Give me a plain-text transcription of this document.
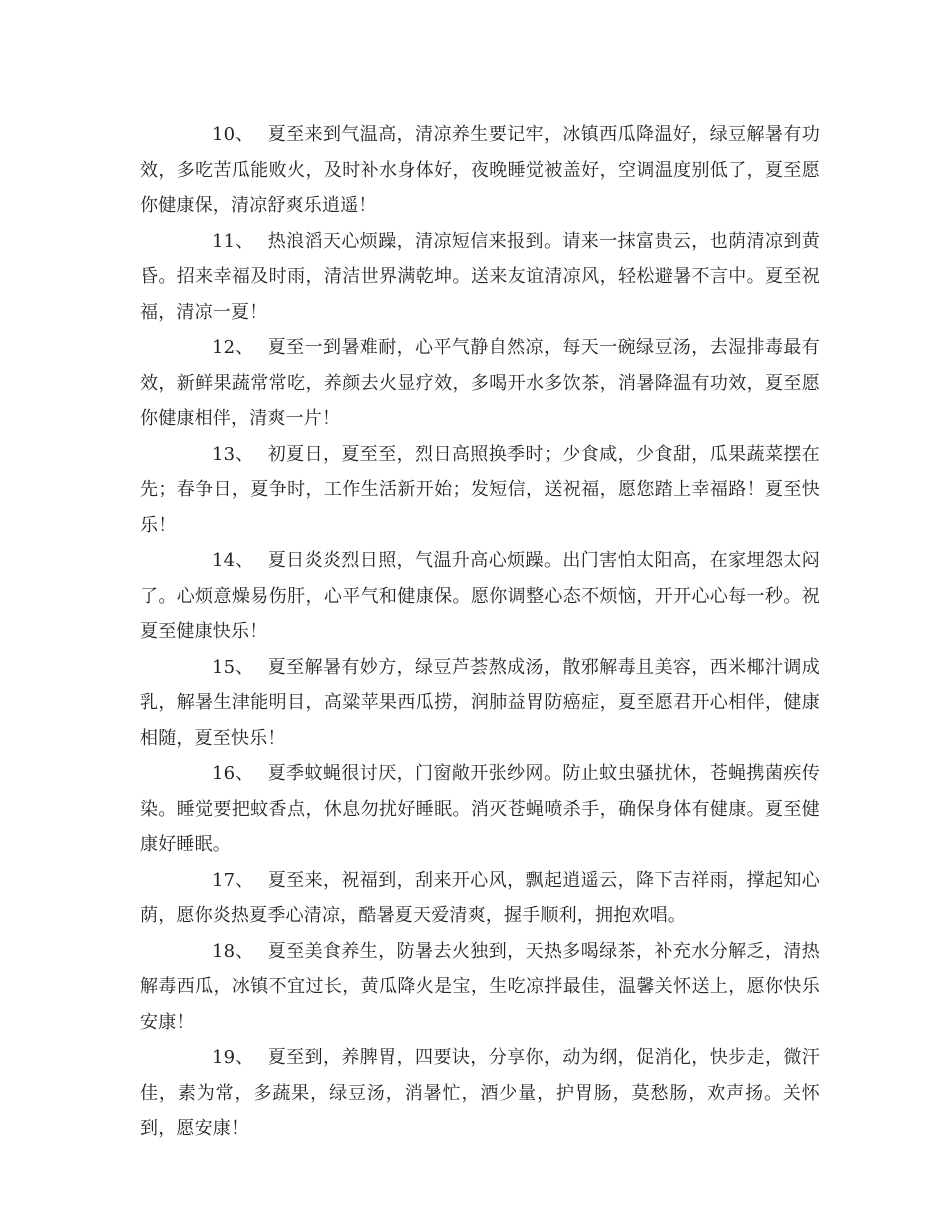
10、 夏至来到气温高，清凉养生要记牢，冰镇西瓜降温好，绿豆解暑有功效，多吃苦瓜能败火，及时补水身体好，夜晚睡觉被盖好，空调温度别低了，夏至愿你健康保，清凉舒爽乐逍遥！

11、 热浪滔天心烦躁，清凉短信来报到。请来一抹富贵云，也荫清凉到黄昏。招来幸福及时雨，清洁世界满乾坤。送来友谊清凉风，轻松避暑不言中。夏至祝福，清凉一夏！

12、 夏至一到暑难耐，心平气静自然凉，每天一碗绿豆汤，去湿排毒最有效，新鲜果蔬常常吃，养颜去火显疗效，多喝开水多饮茶，消暑降温有功效，夏至愿你健康相伴，清爽一片！

13、 初夏日，夏至至，烈日高照换季时；少食咸，少食甜，瓜果蔬菜摆在先；春争日，夏争时，工作生活新开始；发短信，送祝福，愿您踏上幸福路！夏至快乐！

14、 夏日炎炎烈日照，气温升高心烦躁。出门害怕太阳高，在家埋怨太闷了。心烦意燥易伤肝，心平气和健康保。愿你调整心态不烦恼，开开心心每一秒。祝夏至健康快乐！

15、 夏至解暑有妙方，绿豆芦荟熬成汤，散邪解毒且美容，西米椰汁调成乳，解暑生津能明目，高粱苹果西瓜捞，润肺益胃防癌症，夏至愿君开心相伴，健康相随，夏至快乐！

16、 夏季蚊蝇很讨厌，门窗敞开张纱网。防止蚊虫骚扰休，苍蝇携菌疾传染。睡觉要把蚊香点，休息勿扰好睡眠。消灭苍蝇喷杀手，确保身体有健康。夏至健康好睡眠。

17、 夏至来，祝福到，刮来开心风，飘起逍遥云，降下吉祥雨，撑起知心荫，愿你炎热夏季心清凉，酷暑夏天爱清爽，握手顺利，拥抱欢唱。

18、 夏至美食养生，防暑去火独到，天热多喝绿茶，补充水分解乏，清热解毒西瓜，冰镇不宜过长，黄瓜降火是宝，生吃凉拌最佳，温馨关怀送上，愿你快乐安康！

19、 夏至到，养脾胃，四要诀，分享你，动为纲，促消化，快步走，微汗佳，素为常，多蔬果，绿豆汤，消暑忙，酒少量，护胃肠，莫愁肠，欢声扬。关怀到，愿安康！
